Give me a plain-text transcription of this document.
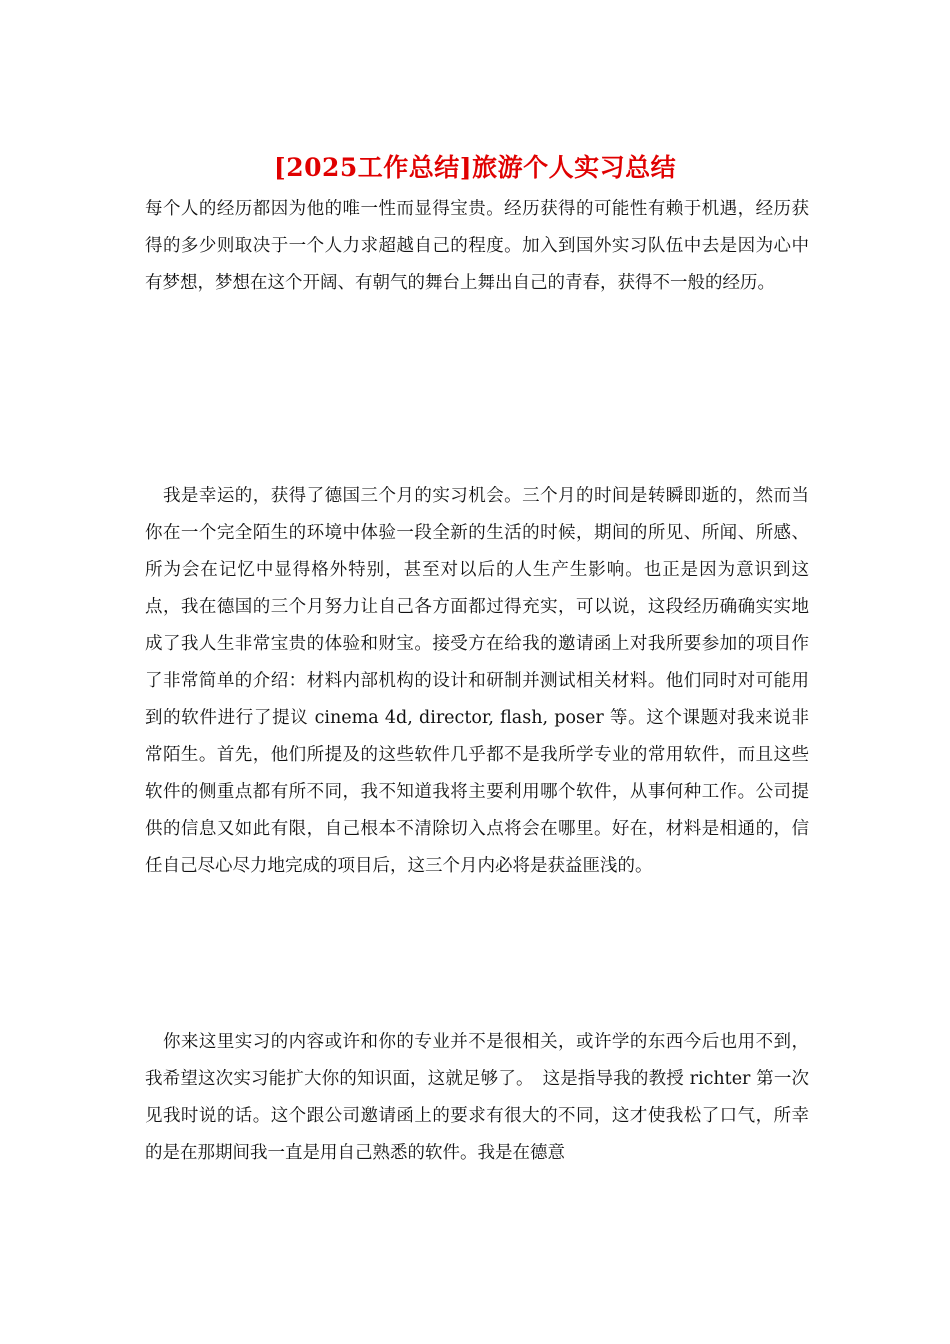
[2025工作总结]旅游个人实习总结

每个人的经历都因为他的唯一性而显得宝贵。经历获得的可能性有赖于机遇，经历获得的多少则取决于一个人力求超越自己的程度。加入到国外实习队伍中去是因为心中有梦想，梦想在这个开阔、有朝气的舞台上舞出自己的青春，获得不一般的经历。

　我是幸运的，获得了德国三个月的实习机会。三个月的时间是转瞬即逝的，然而当你在一个完全陌生的环境中体验一段全新的生活的时候，期间的所见、所闻、所感、所为会在记忆中显得格外特别，甚至对以后的人生产生影响。也正是因为意识到这点，我在德国的三个月努力让自己各方面都过得充实，可以说，这段经历确确实实地成了我人生非常宝贵的体验和财宝。接受方在给我的邀请函上对我所要参加的项目作了非常简单的介绍：材料内部机构的设计和研制并测试相关材料。他们同时对可能用到的软件进行了提议 cinema 4d, director, flash, poser 等。这个课题对我来说非常陌生。首先，他们所提及的这些软件几乎都不是我所学专业的常用软件，而且这些软件的侧重点都有所不同，我不知道我将主要利用哪个软件，从事何种工作。公司提供的信息又如此有限，自己根本不清除切入点将会在哪里。好在，材料是相通的，信任自己尽心尽力地完成的项目后，这三个月内必将是获益匪浅的。

　你来这里实习的内容或许和你的专业并不是很相关，或许学的东西今后也用不到，我希望这次实习能扩大你的知识面，这就足够了。　这是指导我的教授 richter 第一次见我时说的话。这个跟公司邀请函上的要求有很大的不同，这才使我松了口气，所幸的是在那期间我一直是用自己熟悉的软件。我是在德意
